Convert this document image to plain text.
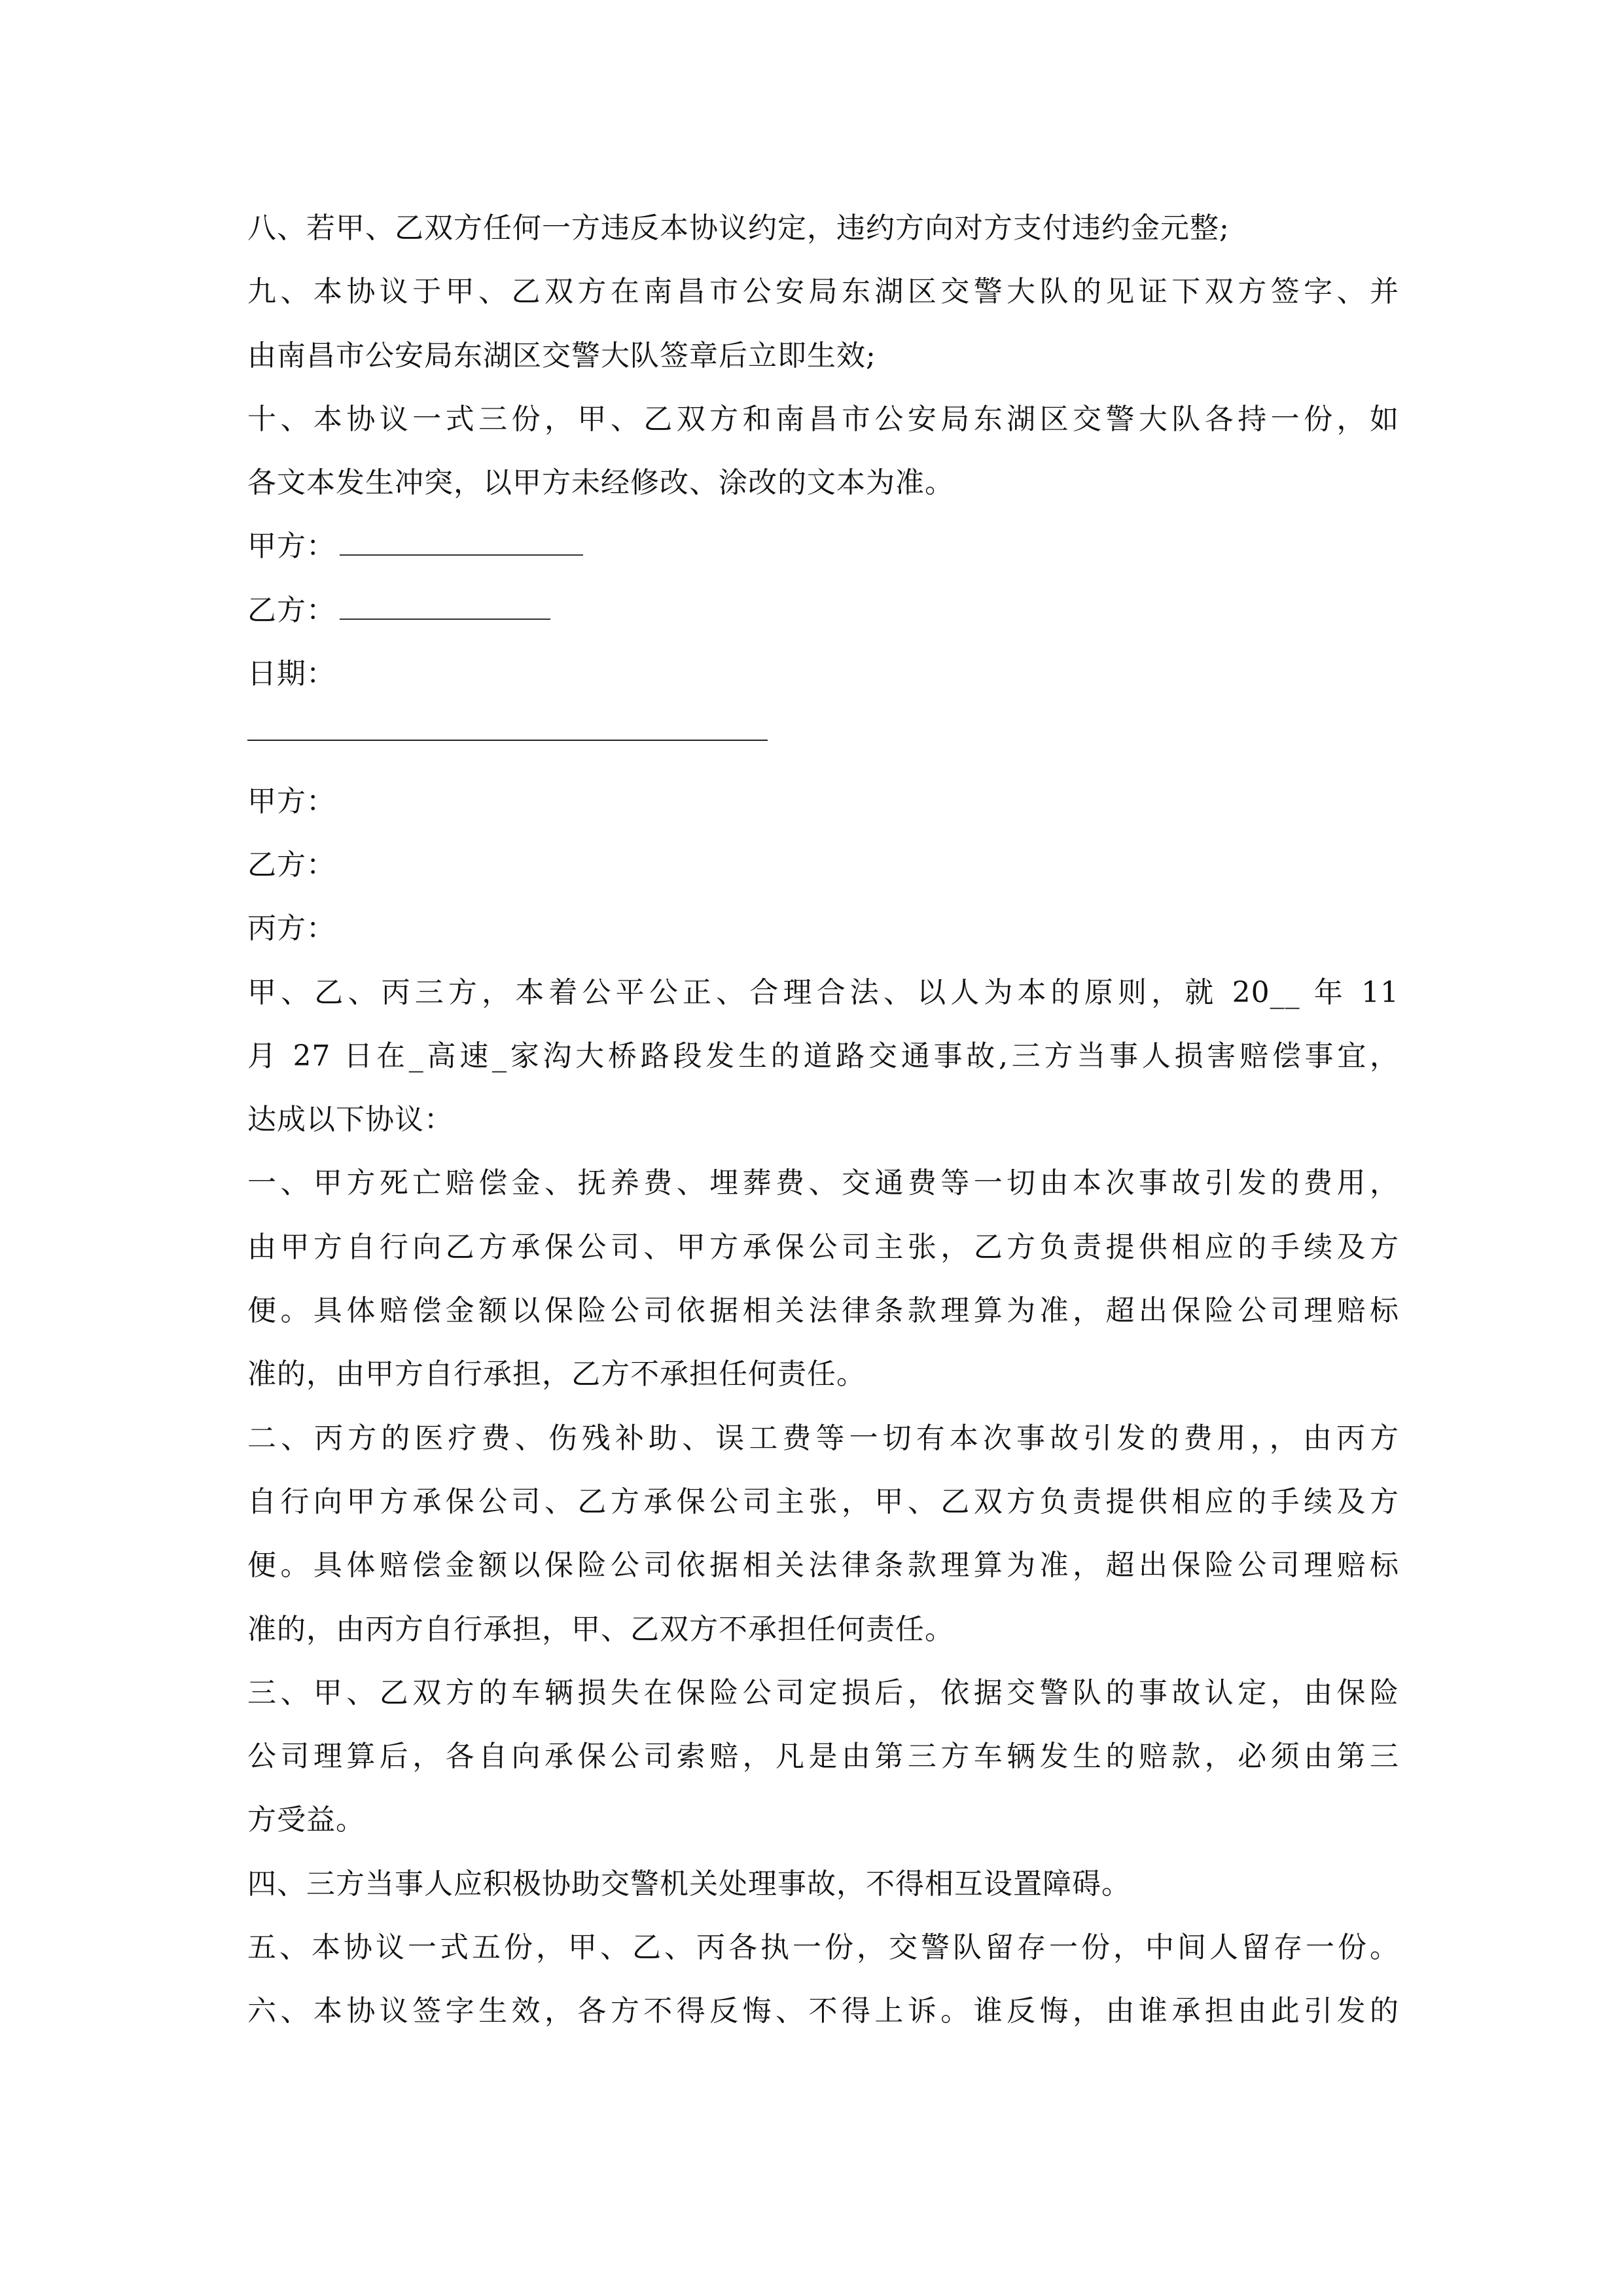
八、若甲、乙双方任何一方违反本协议约定，违约方向对方支付违约金元整;
九、本协议于甲、乙双方在南昌市公安局东湖区交警大队的见证下双方签字、并
由南昌市公安局东湖区交警大队签章后立即生效;
十、本协议一式三份，甲、乙双方和南昌市公安局东湖区交警大队各持一份，如
各文本发生冲突，以甲方未经修改、涂改的文本为准。
甲方：
乙方：
日期：
甲方：
乙方：
丙方：
甲、乙、丙三方，本着公平公正、合理合法、以人为本的原则，就 20__ 年 11
月 27 日在_高速_家沟大桥路段发生的道路交通事故,三方当事人损害赔偿事宜，
达成以下协议：
一、甲方死亡赔偿金、抚养费、埋葬费、交通费等一切由本次事故引发的费用，
由甲方自行向乙方承保公司、甲方承保公司主张，乙方负责提供相应的手续及方
便。具体赔偿金额以保险公司依据相关法律条款理算为准，超出保险公司理赔标
准的，由甲方自行承担，乙方不承担任何责任。
二、丙方的医疗费、伤残补助、误工费等一切有本次事故引发的费用，，由丙方
自行向甲方承保公司、乙方承保公司主张，甲、乙双方负责提供相应的手续及方
便。具体赔偿金额以保险公司依据相关法律条款理算为准，超出保险公司理赔标
准的，由丙方自行承担，甲、乙双方不承担任何责任。
三、甲、乙双方的车辆损失在保险公司定损后，依据交警队的事故认定，由保险
公司理算后，各自向承保公司索赔，凡是由第三方车辆发生的赔款，必须由第三
方受益。
四、三方当事人应积极协助交警机关处理事故，不得相互设置障碍。
五、本协议一式五份，甲、乙、丙各执一份，交警队留存一份，中间人留存一份。
六、本协议签字生效，各方不得反悔、不得上诉。谁反悔，由谁承担由此引发的
